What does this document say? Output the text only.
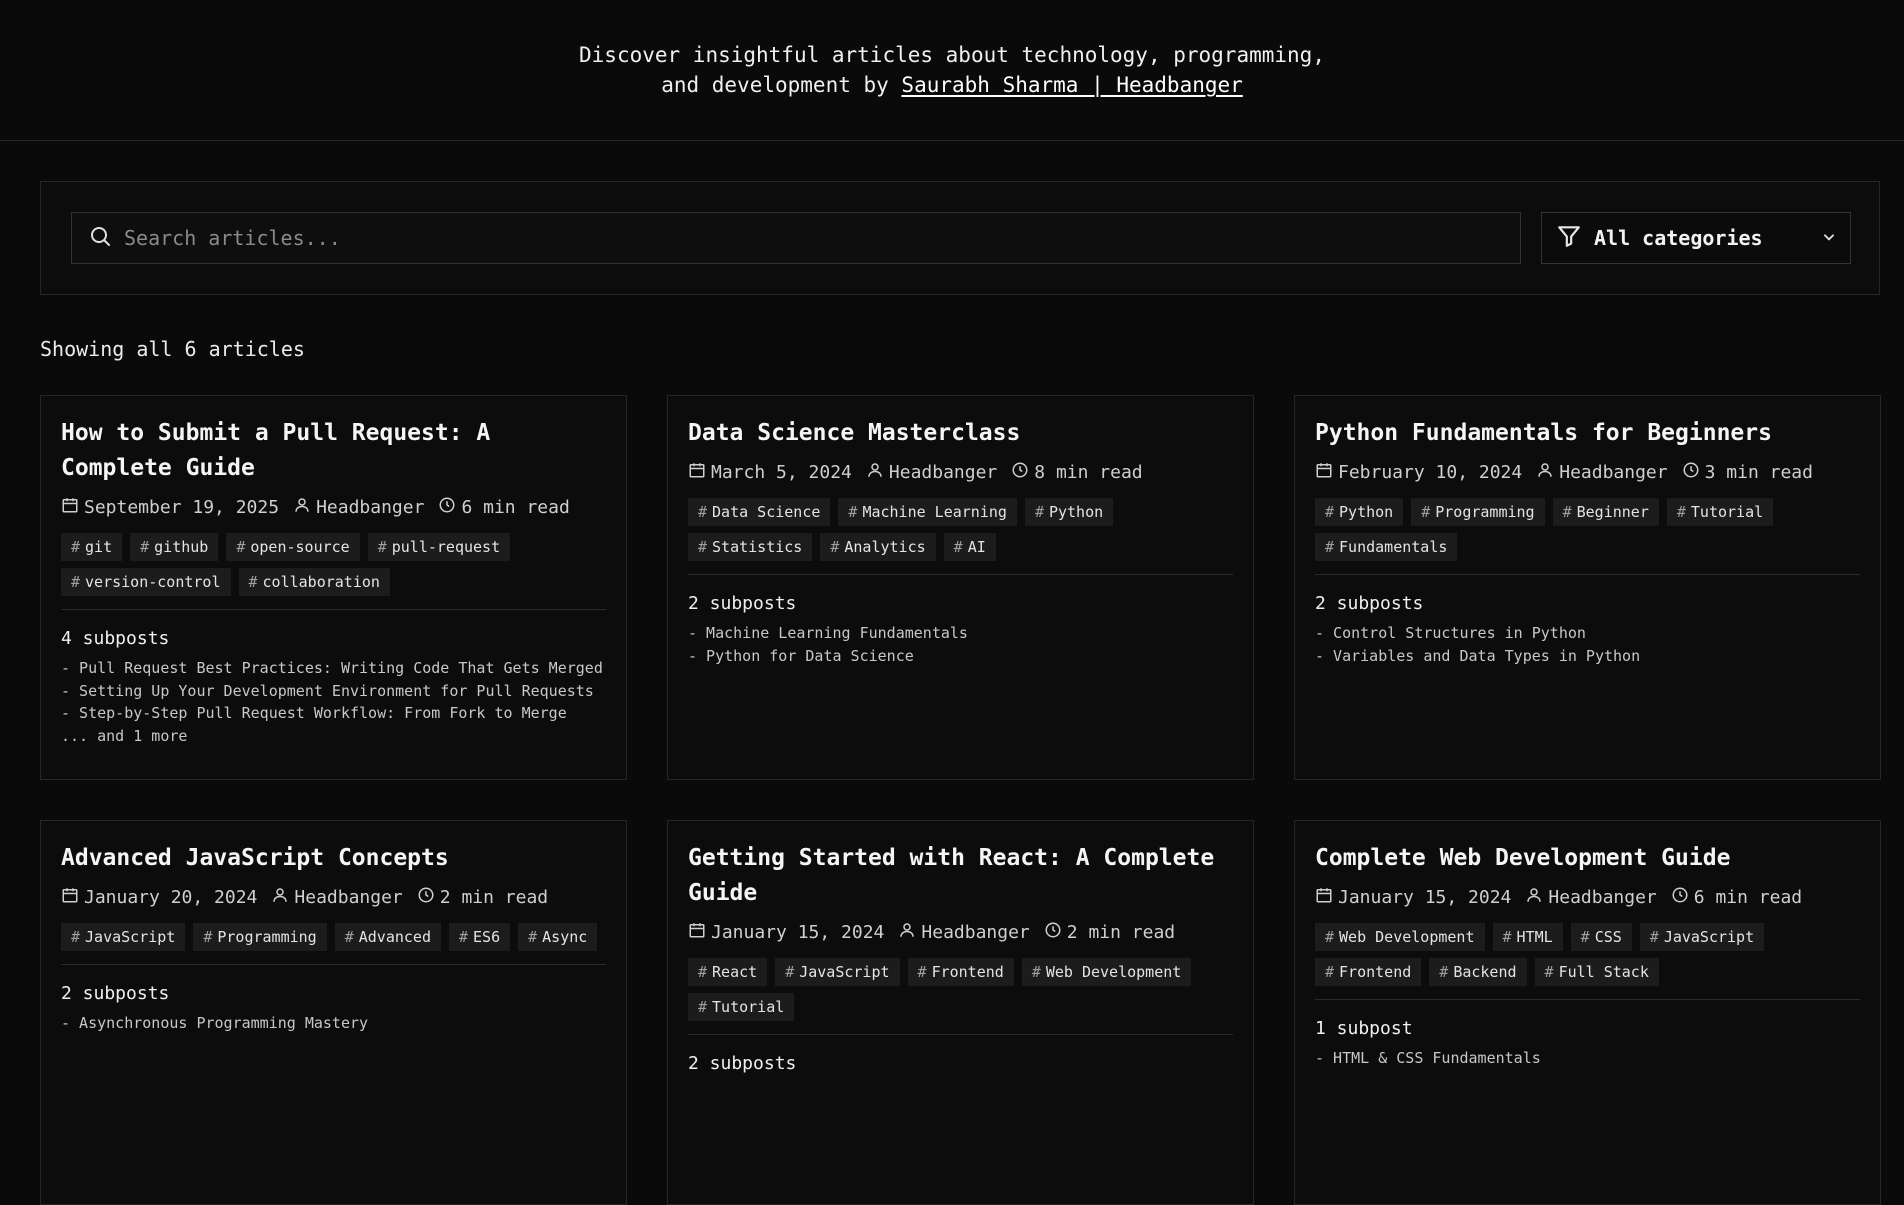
Discover insightful articles about technology, programming, and development by Saurabh Sharma | Headbanger

Search articles...
All categories
Showing all 6 articles
How to Submit a Pull Request: A Complete Guide
September 19, 2025 Headbanger 6 min read
# git # github # open-source # pull-request
# version-control # collaboration
4 subposts
- Pull Request Best Practices: Writing Code That Gets Merged
- Setting Up Your Development Environment for Pull Requests
- Step-by-Step Pull Request Workflow: From Fork to Merge
... and 1 more
Data Science Masterclass
March 5, 2024 Headbanger 8 min read
# Data Science # Machine Learning # Python
# Statistics # Analytics # AI
2 subposts
- Machine Learning Fundamentals
- Python for Data Science
Python Fundamentals for Beginners
February 10, 2024 Headbanger 3 min read
# Python # Programming # Beginner # Tutorial
# Fundamentals
2 subposts
- Control Structures in Python
- Variables and Data Types in Python
Advanced JavaScript Concepts
January 20, 2024 Headbanger 2 min read
# JavaScript # Programming # Advanced # ES6 # Async
2 subposts
- Asynchronous Programming Mastery
Getting Started with React: A Complete Guide
January 15, 2024 Headbanger 2 min read
# React # JavaScript # Frontend # Web Development
# Tutorial
2 subposts
Complete Web Development Guide
January 15, 2024 Headbanger 6 min read
# Web Development # HTML # CSS # JavaScript
# Frontend # Backend # Full Stack
1 subpost
- HTML & CSS Fundamentals
